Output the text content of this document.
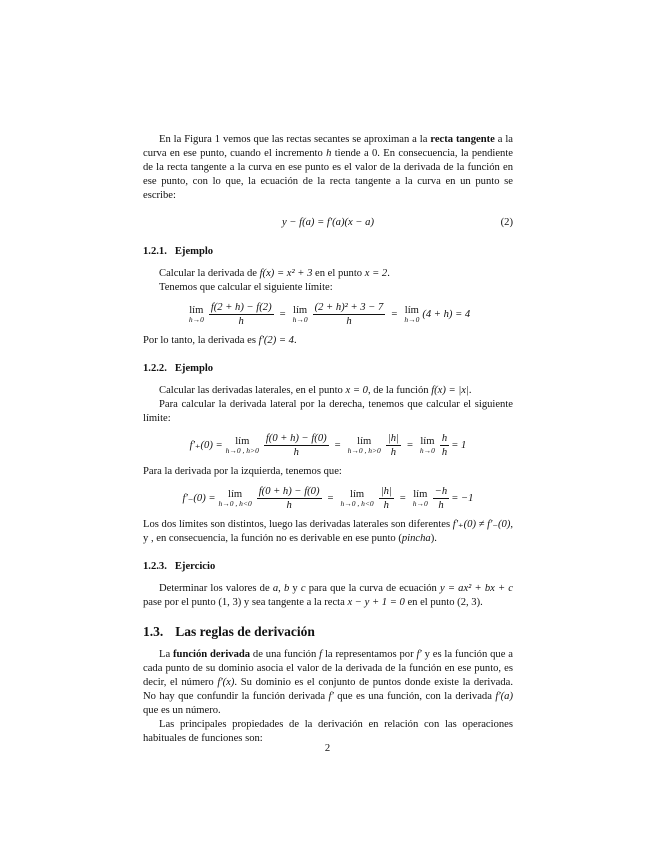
En la Figura 1 vemos que las rectas secantes se aproximan a la recta tangente a la curva en ese punto, cuando el incremento h tiende a 0. En consecuencia, la pendiente de la recta tangente a la curva en ese punto es el valor de la derivada de la función en ese punto, con lo que, la ecuación de la recta tangente a la curva en un punto se escribe:

y − f(a) = f′(a)(x − a)	(2)
1.2.1. Ejemplo

Calcular la derivada de f(x) = x² + 3 en el punto x = 2.

Tenemos que calcular el siguiente límite:

lím
$h\to 0 \frac{f(2 + h) - f(2)}{h}$ = lím
$h\to 0 \frac{\text{(2 + h)² + 3 − 7}}{h}$ = lím
h→0 (4 + h) = 4

Por lo tanto, la derivada es f′(2) = 4.

1.2.2. Ejemplo

Calcular las derivadas laterales, en el punto x = 0, de la función f(x) = |x|.

Para calcular la derivada lateral por la derecha, tenemos que calcular el siguiente límite:

f′₊(0) = lím
h→0 , $h>0 \frac{f(0 + h) - f(0)}{h}$ = lím
h→0 , $h>0 \frac{|h|}{h}$ = lím
$h\to 0 \frac{h}{h} = 1$

Para la derivada por la izquierda, tenemos que:

f′₋(0) = lím
h→0 , $h<0 \frac{f(0 + h) - f(0)}{h}$ = lím
h→0 , $h<0 \frac{|h|}{h}$ = lím
$h\to 0 \frac{-h}{h} = -1$

Los dos límites son distintos, luego las derivadas laterales son diferentes f′₊(0) ≠ f′₋(0), y , en consecuencia, la función no es derivable en ese punto (pincha).

1.2.3. Ejercicio

Determinar los valores de a, b y c para que la curva de ecuación y = ax² + bx + c pase por el punto (1, 3) y sea tangente a la recta x − y + 1 = 0 en el punto (2, 3).

1.3. Las reglas de derivación

La función derivada de una función f la representamos por f′ y es la función que a cada punto de su dominio asocia el valor de la derivada de la función en ese punto, es decir, el número f′(x). Su dominio es el conjunto de puntos donde existe la derivada. No hay que confundir la función derivada f′ que es una función, con la derivada f′(a) que es un número.

Las principales propiedades de la derivación en relación con las operaciones habituales de funciones son:

2
